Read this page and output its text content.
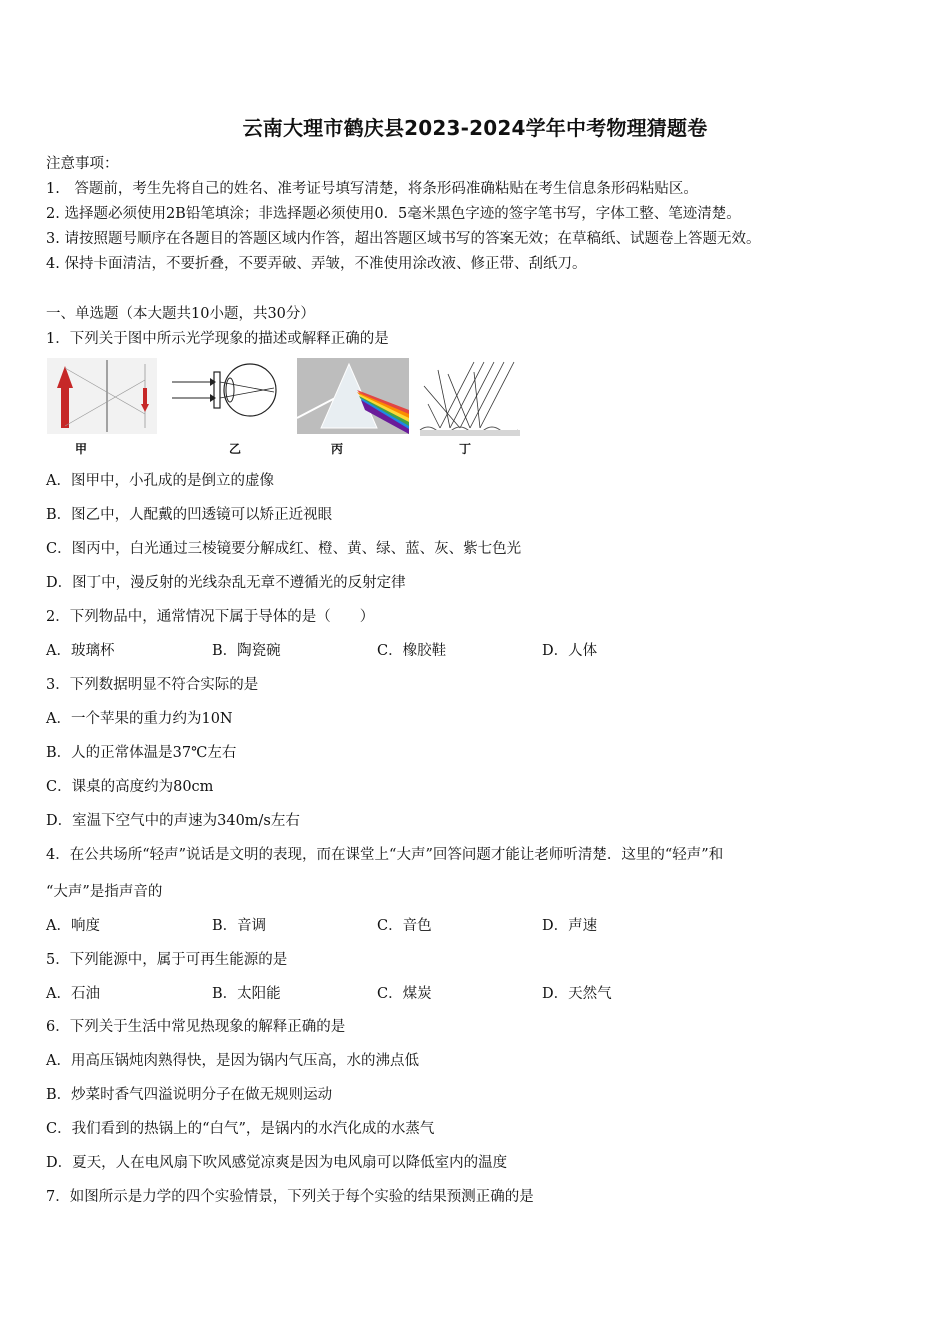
云南大理市鹤庆县2023-2024学年中考物理猜题卷
注意事项：
1.　答题前，考生先将自己的姓名、准考证号填写清楚，将条形码准确粘贴在考生信息条形码粘贴区。
2. 选择题必须使用2B铅笔填涂；非选择题必须使用0．5毫米黑色字迹的签字笔书写，字体工整、笔迹清楚。
3. 请按照题号顺序在各题目的答题区域内作答，超出答题区域书写的答案无效；在草稿纸、试题卷上答题无效。
4. 保持卡面清洁，不要折叠，不要弄破、弄皱，不准使用涂改液、修正带、刮纸刀。
一、单选题（本大题共10小题，共30分）
1．下列关于图中所示光学现象的描述或解释正确的是
甲	乙	丙	丁
A．图甲中，小孔成的是倒立的虚像
B．图乙中，人配戴的凹透镜可以矫正近视眼
C．图丙中，白光通过三棱镜要分解成红、橙、黄、绿、蓝、灰、紫七色光
D．图丁中，漫反射的光线杂乱无章不遵循光的反射定律
2．下列物品中，通常情况下属于导体的是（　　）
A．玻璃杯	B．陶瓷碗	C．橡胶鞋	D．人体
3．下列数据明显不符合实际的是
A．一个苹果的重力约为10N
B．人的正常体温是37℃左右
C．课桌的高度约为80cm
D．室温下空气中的声速为340m/s左右
4．在公共场所“轻声”说话是文明的表现，而在课堂上“大声”回答问题才能让老师听清楚．这里的“轻声”和
“大声”是指声音的
A．响度	B．音调	C．音色	D．声速
5．下列能源中，属于可再生能源的是
A．石油	B．太阳能	C．煤炭	D．天然气
6．下列关于生活中常见热现象的解释正确的是
A．用高压锅炖肉熟得快，是因为锅内气压高，水的沸点低
B．炒菜时香气四溢说明分子在做无规则运动
C．我们看到的热锅上的“白气”，是锅内的水汽化成的水蒸气
D．夏天，人在电风扇下吹风感觉凉爽是因为电风扇可以降低室内的温度
7．如图所示是力学的四个实验情景，下列关于每个实验的结果预测正确的是
